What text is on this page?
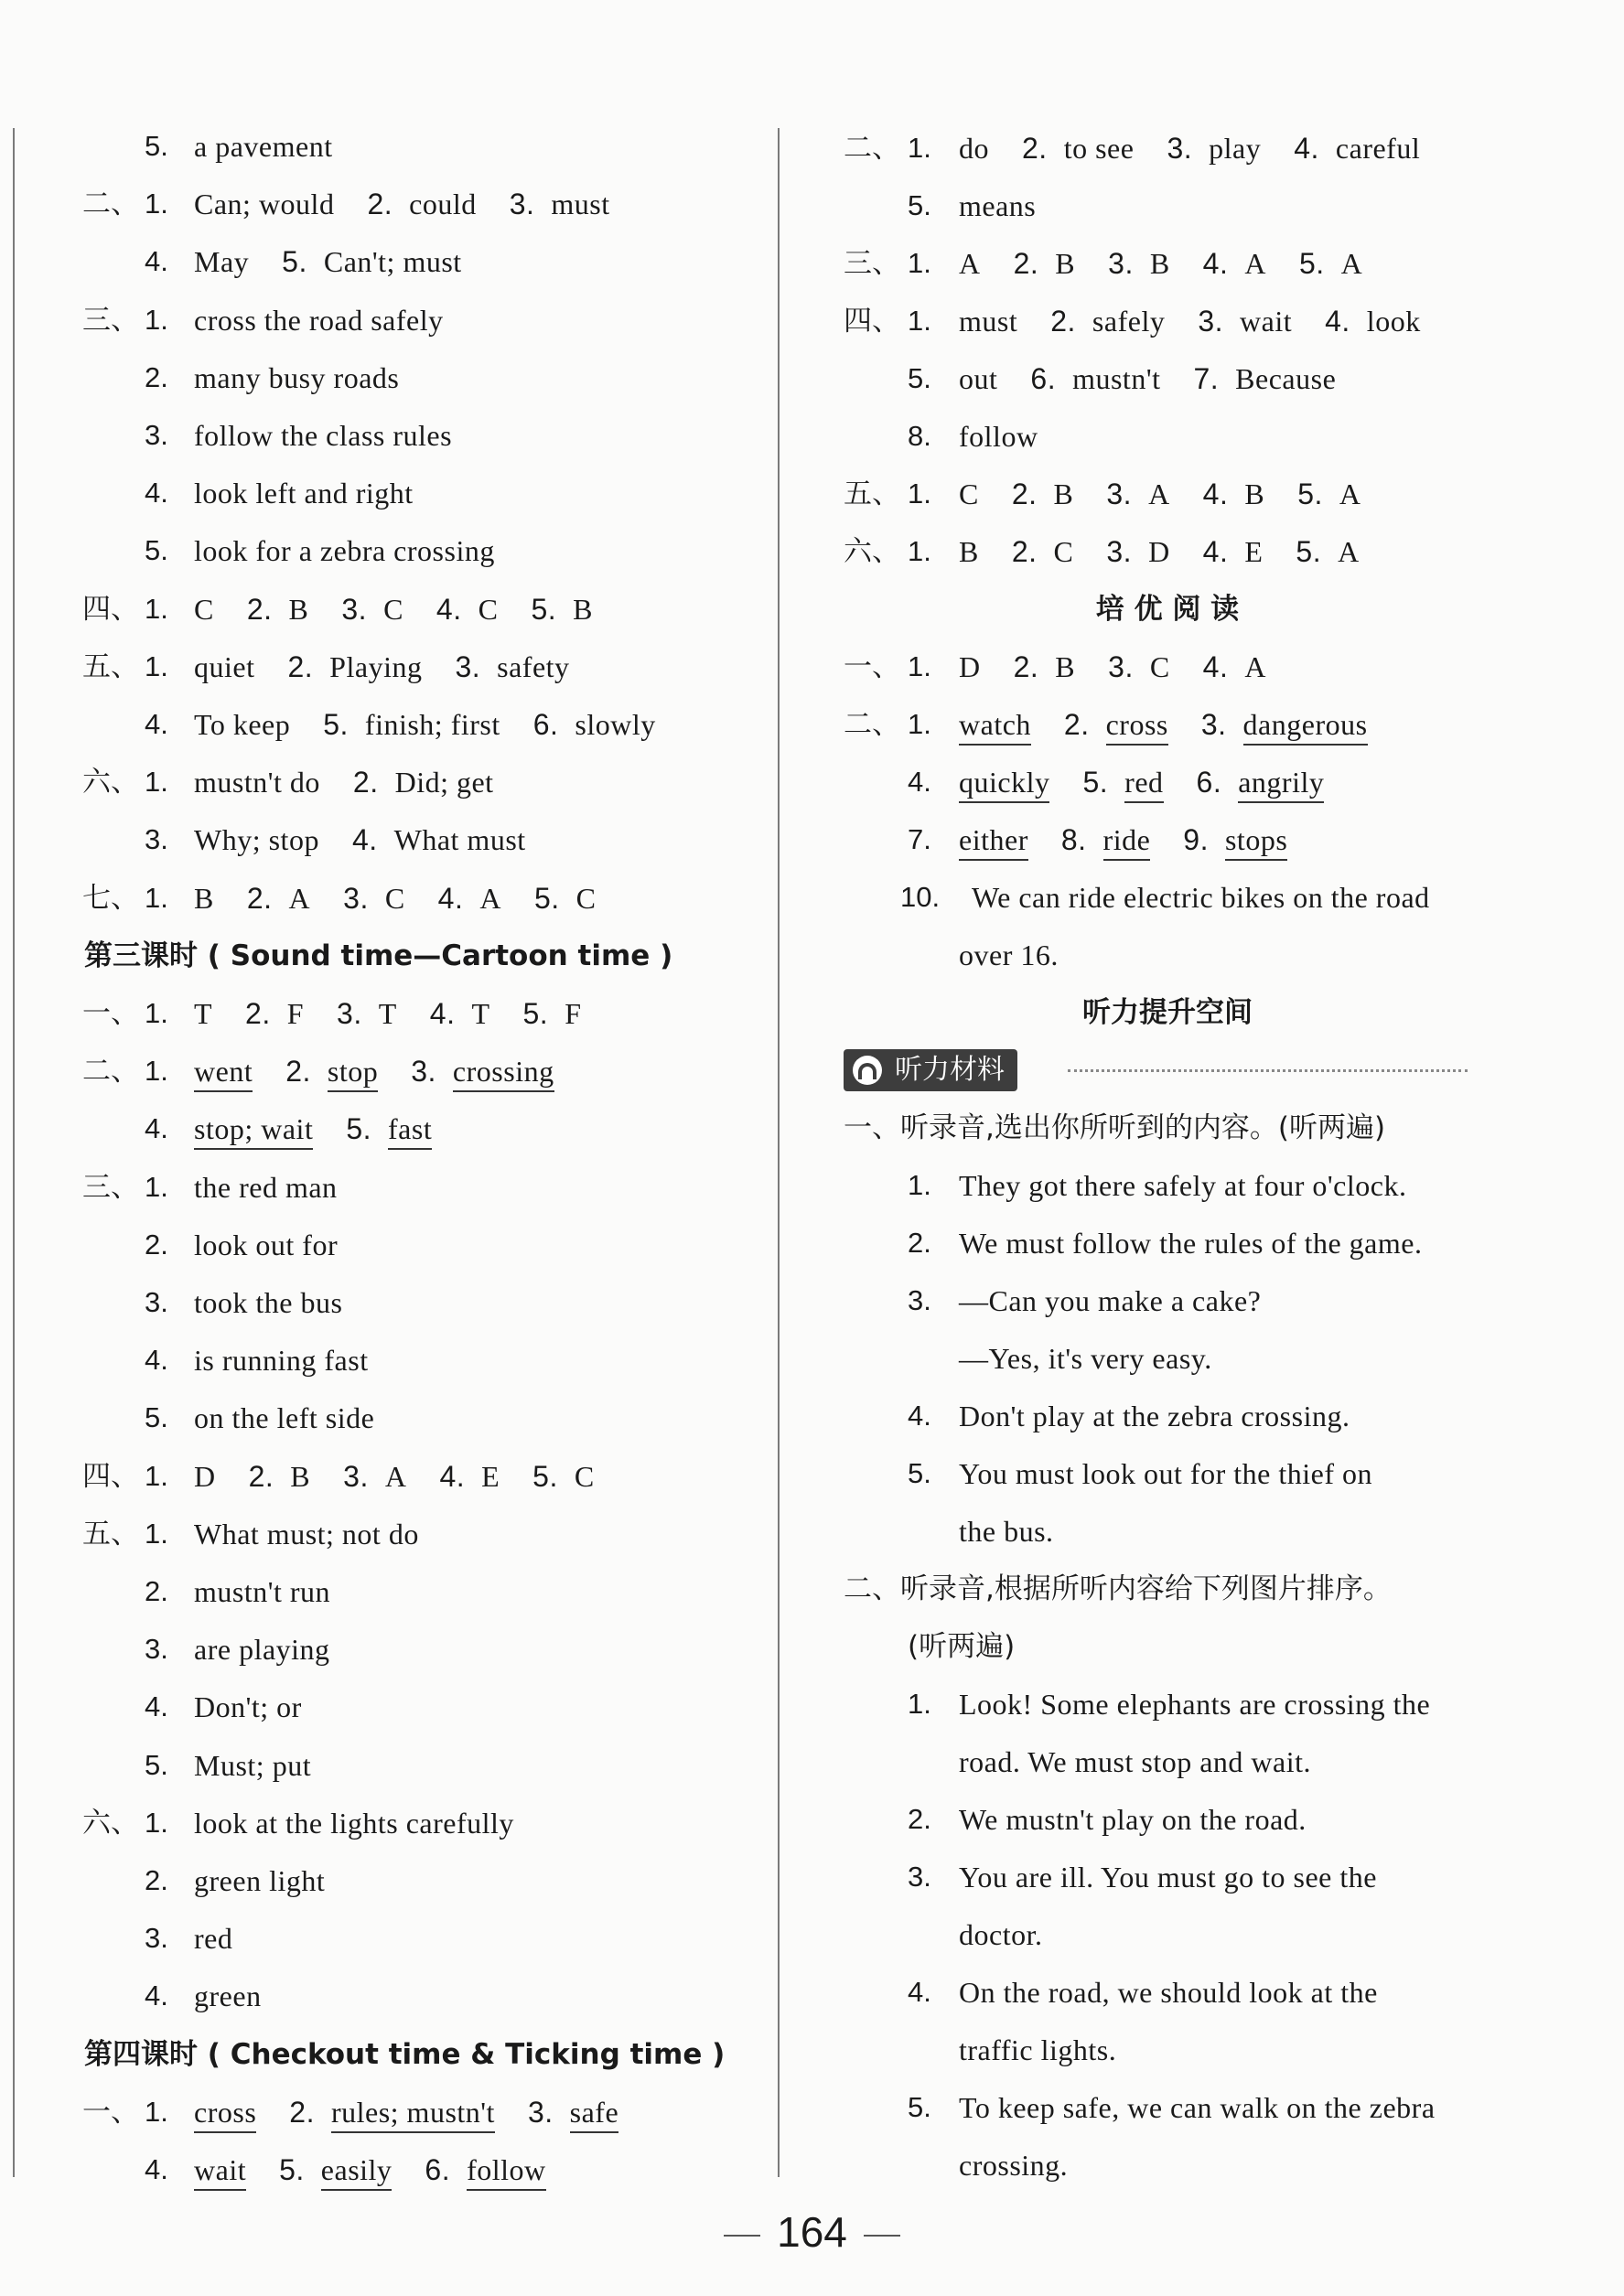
5. a pavement
二、 1. Can; would 2. could 3. must
4. May 5. Can't; must
三、 1. cross the road safely
2. many busy roads
3. follow the class rules
4. look left and right
5. look for a zebra crossing
四、 1. C 2. B 3. C 4. C 5. B
五、 1. quiet 2. Playing 3. safety
4. To keep 5. finish; first 6. slowly
六、 1. mustn't do 2. Did; get
3. Why; stop 4. What must
七、 1. B 2. A 3. C 4. A 5. C
第三课时 ( Sound time—Cartoon time )
一、 1. T 2. F 3. T 4. T 5. F
二、 1. went 2. stop 3. crossing
4. stop; wait 5. fast
三、 1. the red man
2. look out for
3. took the bus
4. is running fast
5. on the left side
四、 1. D 2. B 3. A 4. E 5. C
五、 1. What must; not do
2. mustn't run
3. are playing
4. Don't; or
5. Must; put
六、 1. look at the lights carefully
2. green light
3. red
4. green
第四课时 ( Checkout time & Ticking time )
一、 1. cross 2. rules; mustn't 3. safe
4. wait 5. easily 6. follow
二、 1. do 2. to see 3. play 4. careful
5. means
三、 1. A 2. B 3. B 4. A 5. A
四、 1. must 2. safely 3. wait 4. look
5. out 6. mustn't 7. Because
8. follow
五、 1. C 2. B 3. A 4. B 5. A
六、 1. B 2. C 3. D 4. E 5. A
培 优 阅 读
一、 1. D 2. B 3. C 4. A
二、 1. watch 2. cross 3. dangerous
4. quickly 5. red 6. angrily
7. either 8. ride 9. stops
10. We can ride electric bikes on the road
over 16.
听力提升空间
听力材料
一、听录音,选出你所听到的内容。(听两遍)
1. They got there safely at four o'clock.
2. We must follow the rules of the game.
3. —Can you make a cake?
—Yes, it's very easy.
4. Don't play at the zebra crossing.
5. You must look out for the thief on
the bus.
二、听录音,根据所听内容给下列图片排序。
(听两遍)
1. Look! Some elephants are crossing the
road. We must stop and wait.
2. We mustn't play on the road.
3. You are ill. You must go to see the
doctor.
4. On the road, we should look at the
traffic lights.
5. To keep safe, we can walk on the zebra
crossing.
164
